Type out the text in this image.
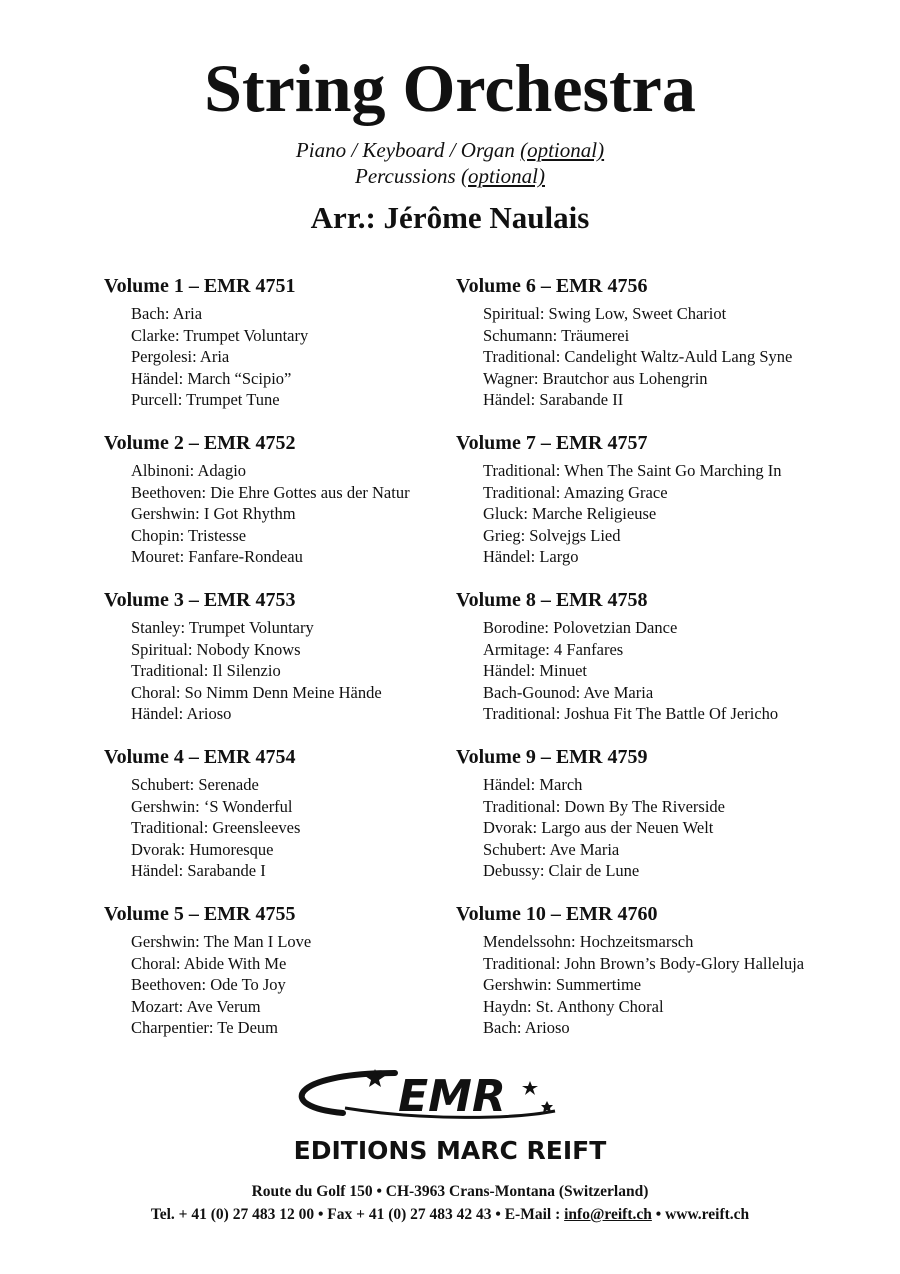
String Orchestra
Piano / Keyboard / Organ (optional)
Percussions (optional)
Arr.: Jérôme Naulais
Volume 1 – EMR 4751
Bach: Aria
Clarke: Trumpet Voluntary
Pergolesi: Aria
Händel: March “Scipio”
Purcell: Trumpet Tune
Volume 2 – EMR 4752
Albinoni: Adagio
Beethoven: Die Ehre Gottes aus der Natur
Gershwin: I Got Rhythm
Chopin: Tristesse
Mouret: Fanfare-Rondeau
Volume 3 – EMR 4753
Stanley: Trumpet Voluntary
Spiritual: Nobody Knows
Traditional: Il Silenzio
Choral: So Nimm Denn Meine Hände
Händel: Arioso
Volume 4 – EMR 4754
Schubert: Serenade
Gershwin: ‘S Wonderful
Traditional: Greensleeves
Dvorak: Humoresque
Händel: Sarabande I
Volume 5 – EMR 4755
Gershwin: The Man I Love
Choral: Abide With Me
Beethoven: Ode To Joy
Mozart: Ave Verum
Charpentier: Te Deum
Volume 6 – EMR 4756
Spiritual: Swing Low, Sweet Chariot
Schumann: Träumerei
Traditional: Candelight Waltz-Auld Lang Syne
Wagner: Brautchor aus Lohengrin
Händel: Sarabande II
Volume 7 – EMR 4757
Traditional: When The Saint Go Marching In
Traditional: Amazing Grace
Gluck: Marche Religieuse
Grieg: Solvejgs Lied
Händel: Largo
Volume 8 – EMR 4758
Borodine: Polovetzian Dance
Armitage: 4 Fanfares
Händel: Minuet
Bach-Gounod: Ave Maria
Traditional: Joshua Fit The Battle Of Jericho
Volume 9 – EMR 4759
Händel: March
Traditional: Down By The Riverside
Dvorak: Largo aus der Neuen Welt
Schubert: Ave Maria
Debussy: Clair de Lune
Volume 10 – EMR 4760
Mendelssohn: Hochzeitsmarsch
Traditional: John Brown’s Body-Glory Halleluja
Gershwin: Summertime
Haydn: St. Anthony Choral
Bach: Arioso
EMR
EDITIONS MARC REIFT
Route du Golf 150 • CH-3963 Crans-Montana (Switzerland)
Tel. + 41 (0) 27 483 12 00 • Fax + 41 (0) 27 483 42 43 • E-Mail : info@reift.ch • www.reift.ch
